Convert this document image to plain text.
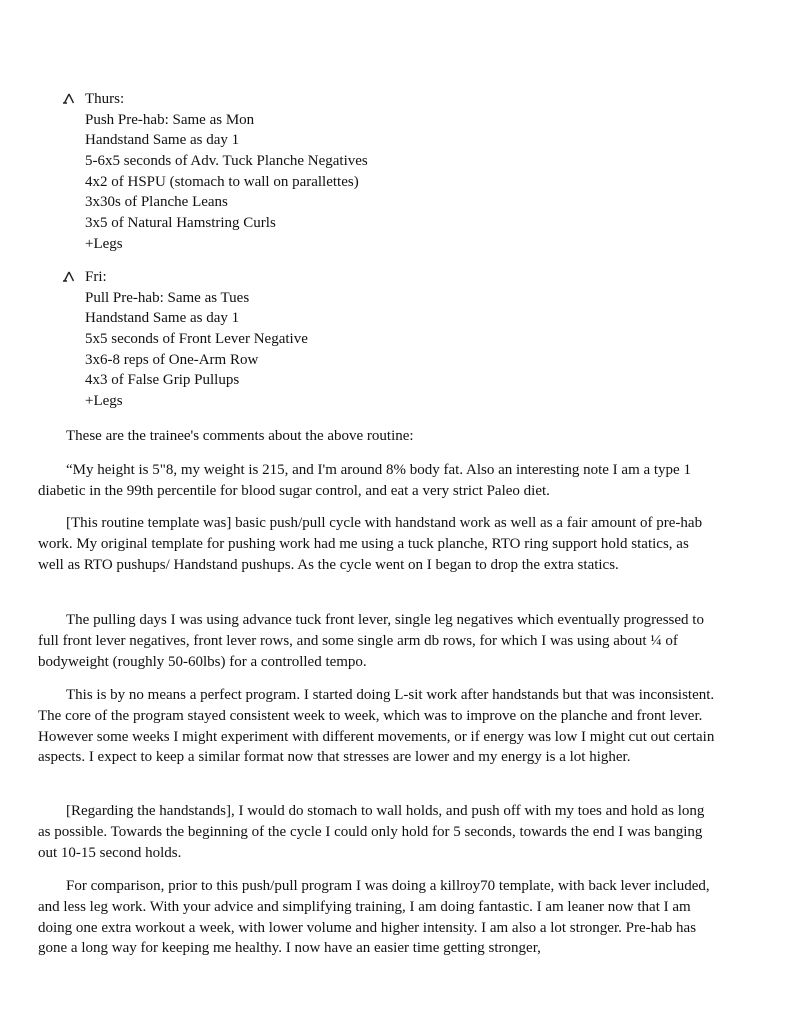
Thurs:
Push Pre-hab: Same as Mon
Handstand Same as day 1
5-6x5 seconds of Adv. Tuck Planche Negatives
4x2 of HSPU (stomach to wall on parallettes)
3x30s of Planche Leans
3x5 of Natural Hamstring Curls
+Legs
Fri:
Pull Pre-hab: Same as Tues
Handstand Same as day 1
5x5 seconds of Front Lever Negative
3x6-8 reps of One-Arm Row
4x3 of False Grip Pullups
+Legs
These are the trainee's comments about the above routine:
“My height is 5"8, my weight is 215, and I'm around 8% body fat. Also an interesting note I am a type 1 diabetic in the 99th percentile for blood sugar control, and eat a very strict Paleo diet.
[This routine template was] basic push/pull cycle with handstand work as well as a fair amount of pre-hab work. My original template for pushing work had me using a tuck planche, RTO ring support hold statics, as well as RTO pushups/ Handstand pushups. As the cycle went on I began to drop the extra statics.
The pulling days I was using advance tuck front lever, single leg negatives which eventually progressed to full front lever negatives, front lever rows, and some single arm db rows, for which I was using about ¼ of bodyweight (roughly 50-60lbs) for a controlled tempo.
This is by no means a perfect program. I started doing L-sit work after handstands but that was inconsistent. The core of the program stayed consistent week to week, which was to improve on the planche and front lever. However some weeks I might experiment with different movements, or if energy was low I might cut out certain aspects. I expect to keep a similar format now that stresses are lower and my energy is a lot higher.
[Regarding the handstands], I would do stomach to wall holds, and push off with my toes and hold as long as possible. Towards the beginning of the cycle I could only hold for 5 seconds, towards the end I was banging out 10-15 second holds.
For comparison, prior to this push/pull program I was doing a killroy70 template, with back lever included, and less leg work. With your advice and simplifying training, I am doing fantastic. I am leaner now that I am doing one extra workout a week, with lower volume and higher intensity. I am also a lot stronger. Pre-hab has gone a long way for keeping me healthy. I now have an easier time getting stronger,
